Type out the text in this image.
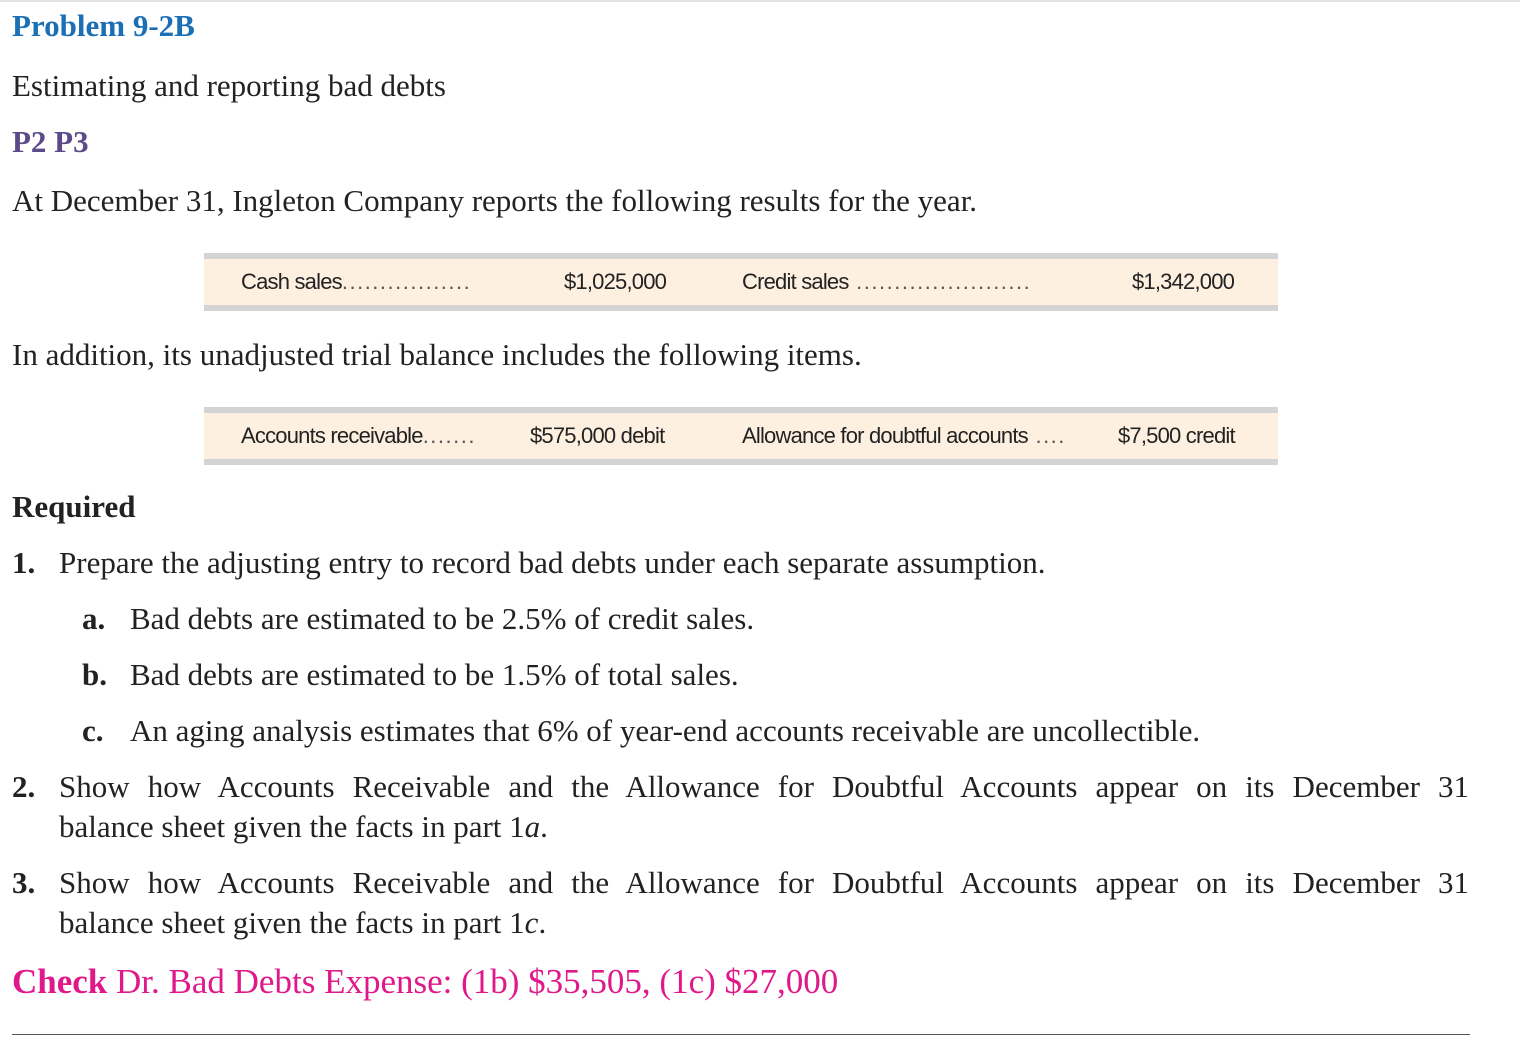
Problem 9-2B
Estimating and reporting bad debts
P2 P3
At December 31, Ingleton Company reports the following results for the year.
Cash sales.................	$1,025,000	Credit sales .......................	$1,342,000
In addition, its unadjusted trial balance includes the following items.
Accounts receivable....... $575,000 debit	Allowance for doubtful accounts .... $7,500 credit
Required
1. Prepare the adjusting entry to record bad debts under each separate assumption.
a. Bad debts are estimated to be 2.5% of credit sales.
b. Bad debts are estimated to be 1.5% of total sales.
c. An aging analysis estimates that 6% of year-end accounts receivable are uncollectible.
2. Show how Accounts Receivable and the Allowance for Doubtful Accounts appear on its December 31
balance sheet given the facts in part 1a.
3. Show how Accounts Receivable and the Allowance for Doubtful Accounts appear on its December 31
balance sheet given the facts in part 1c.
Check Dr. Bad Debts Expense: (1b) $35,505, (1c) $27,000
